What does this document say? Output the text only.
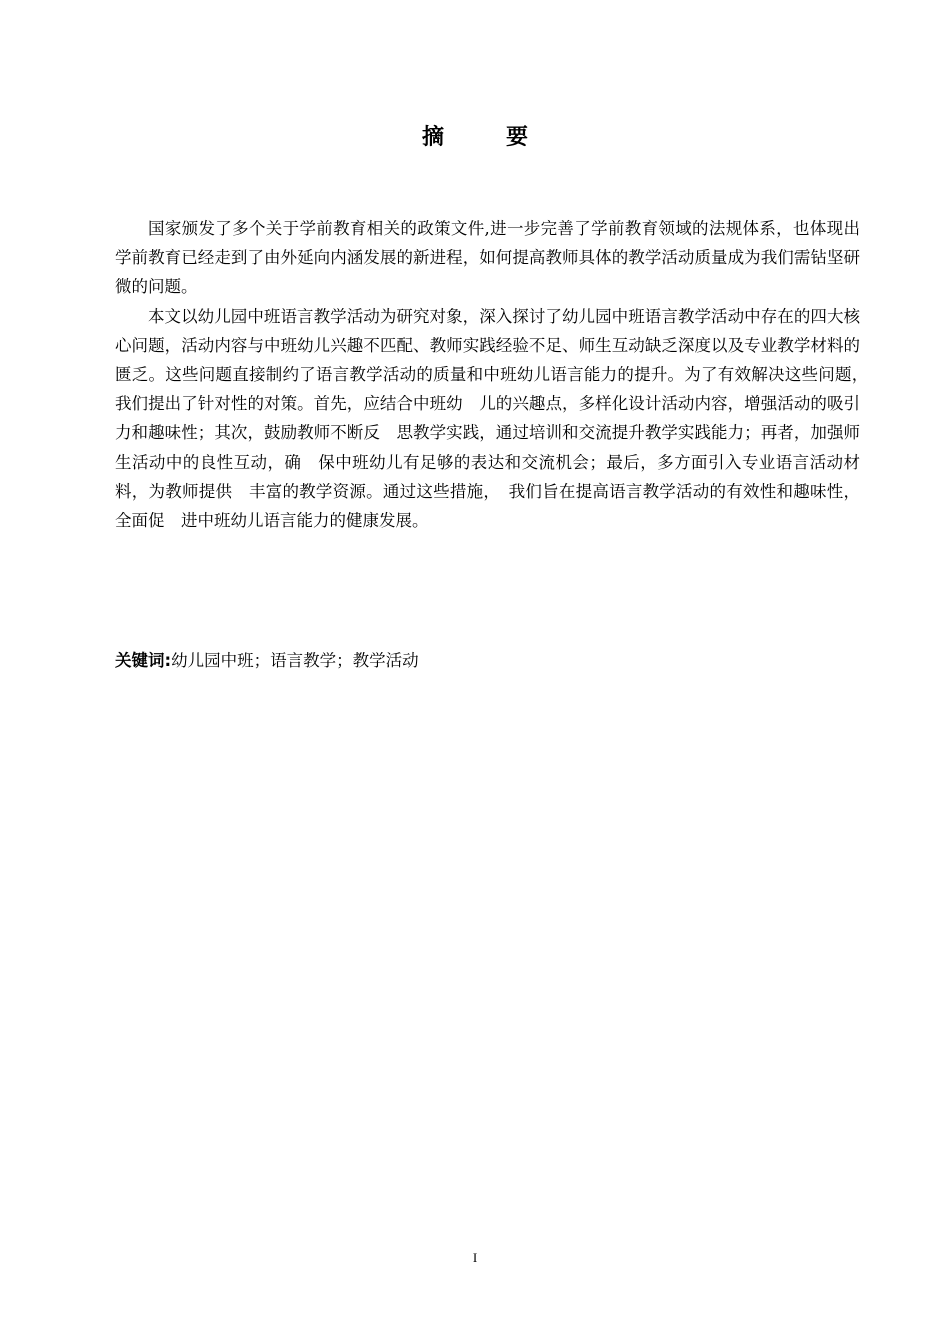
摘　要

国家颁发了多个关于学前教育相关的政策文件,进一步完善了学前教育领域的法规体系，也体现出学前教育已经走到了由外延向内涵发展的新进程，如何提高教师具体的教学活动质量成为我们需钻坚研微的问题。

本文以幼儿园中班语言教学活动为研究对象，深入探讨了幼儿园中班语言教学活动中存在的四大核心问题，活动内容与中班幼儿兴趣不匹配、教师实践经验不足、师生互动缺乏深度以及专业教学材料的匮乏。这些问题直接制约了语言教学活动的质量和中班幼儿语言能力的提升。为了有效解决这些问题，　我们提出了针对性的对策。首先，应结合中班幼　儿的兴趣点，多样化设计活动内容，增强活动的吸引力和趣味性；其次，鼓励教师不断反　思教学实践，通过培训和交流提升教学实践能力；再者，加强师生活动中的良性互动，确　保中班幼儿有足够的表达和交流机会；最后，多方面引入专业语言活动材料，为教师提供　丰富的教学资源。通过这些措施，　我们旨在提高语言教学活动的有效性和趣味性，全面促　进中班幼儿语言能力的健康发展。

关键词:幼儿园中班；语言教学；教学活动
I
